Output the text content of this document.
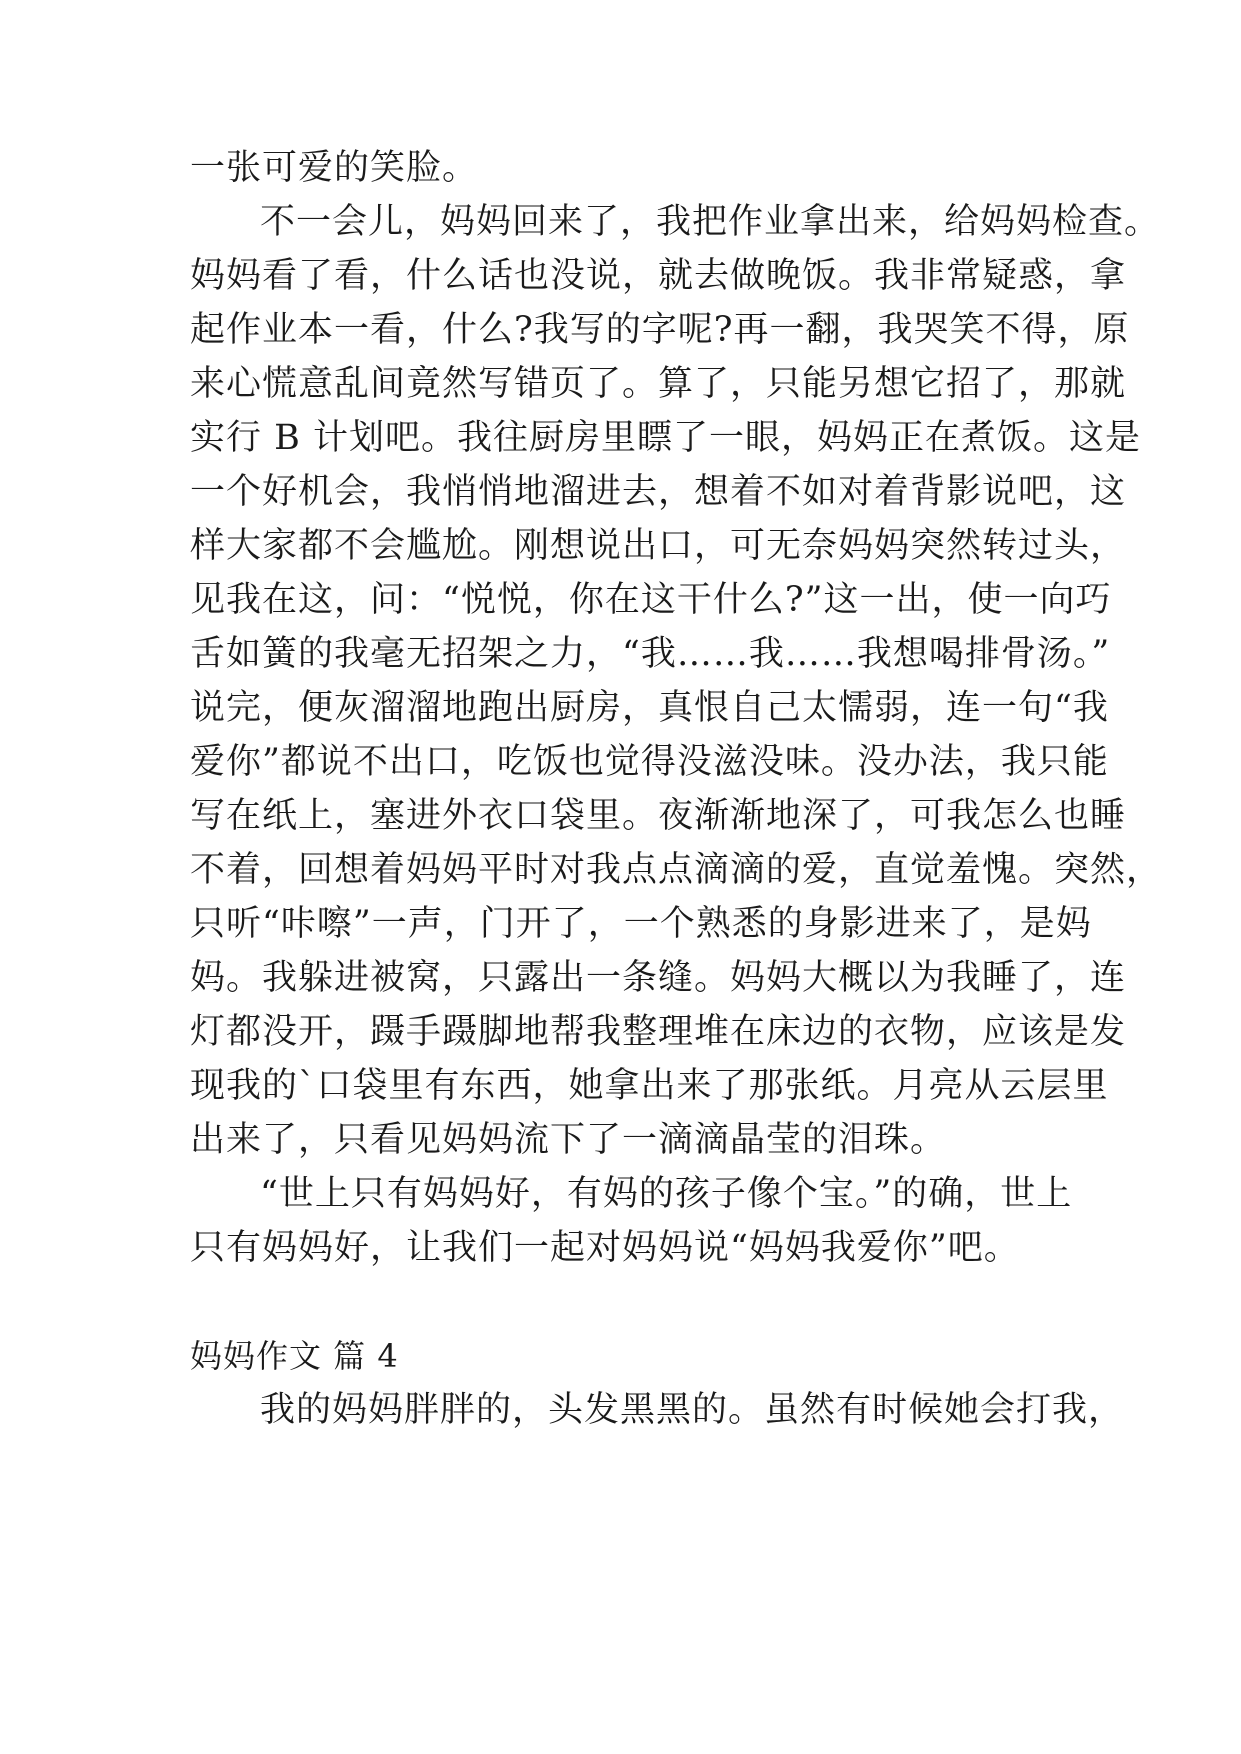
一张可爱的笑脸。
不一会儿，妈妈回来了，我把作业拿出来，给妈妈检查。
妈妈看了看，什么话也没说，就去做晚饭。我非常疑惑，拿
起作业本一看，什么?我写的字呢?再一翻，我哭笑不得，原
来心慌意乱间竟然写错页了。算了，只能另想它招了，那就
实行 B 计划吧。我往厨房里瞟了一眼，妈妈正在煮饭。这是
一个好机会，我悄悄地溜进去，想着不如对着背影说吧，这
样大家都不会尴尬。刚想说出口，可无奈妈妈突然转过头，
见我在这，问：“悦悦，你在这干什么?”这一出，使一向巧
舌如簧的我毫无招架之力，“我……我……我想喝排骨汤。”
说完，便灰溜溜地跑出厨房，真恨自己太懦弱，连一句“我
爱你”都说不出口，吃饭也觉得没滋没味。没办法，我只能
写在纸上，塞进外衣口袋里。夜渐渐地深了，可我怎么也睡
不着，回想着妈妈平时对我点点滴滴的爱，直觉羞愧。突然，
只听“咔嚓”一声，门开了，一个熟悉的身影进来了，是妈
妈。我躲进被窝，只露出一条缝。妈妈大概以为我睡了，连
灯都没开，蹑手蹑脚地帮我整理堆在床边的衣物，应该是发
现我的`口袋里有东西，她拿出来了那张纸。月亮从云层里
出来了，只看见妈妈流下了一滴滴晶莹的泪珠。
“世上只有妈妈好，有妈的孩子像个宝。”的确，世上
只有妈妈好，让我们一起对妈妈说“妈妈我爱你”吧。
妈妈作文 篇 4
我的妈妈胖胖的，头发黑黑的。虽然有时候她会打我，
